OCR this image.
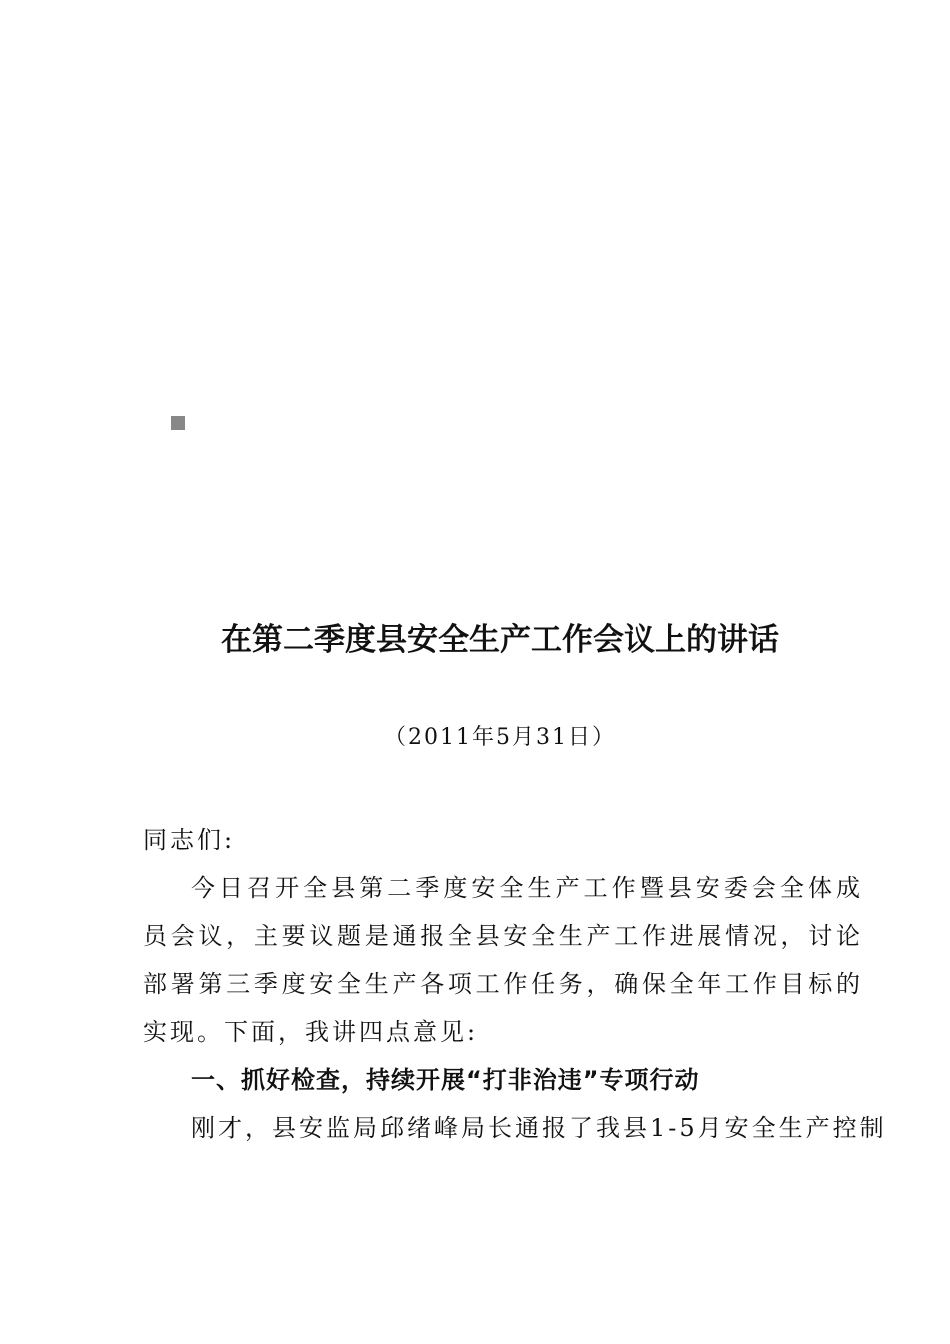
在第二季度县安全生产工作会议上的讲话
（2011年5月31日）

同志们:

今日召开全县第二季度安全生产工作暨县安委会全体成员会议，主要议题是通报全县安全生产工作进展情况，讨论部署第三季度安全生产各项工作任务，确保全年工作目标的实现。下面，我讲四点意见:

一、抓好检查，持续开展“打非治违”专项行动

刚才，县安监局邱绪峰局长通报了我县1-5月安全生产控制
